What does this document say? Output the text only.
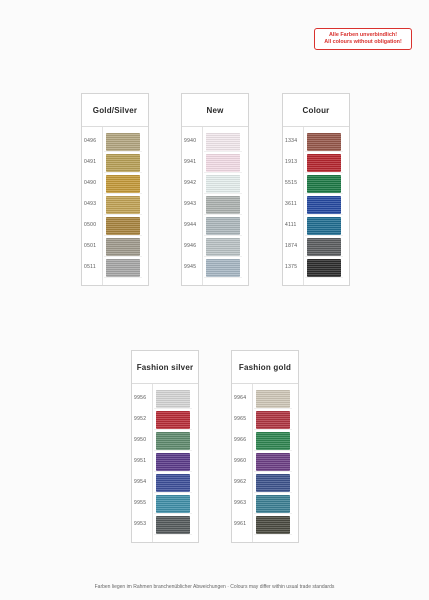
Alle Farben unverbindlich!
All colours without obligation!
Gold/Silver
0496
0491
0490
0493
0500
0501
0511
New
9940
9941
9942
9943
9944
9946
9945
Colour
1334
1913
5515
3611
4111
1874
1375
Fashion silver
9956
9952
9950
9951
9954
9955
9953
Fashion gold
9964
9965
9966
9960
9962
9963
9961
Farben liegen im Rahmen branchenüblicher Abweichungen · Colours may differ within usual trade standards
